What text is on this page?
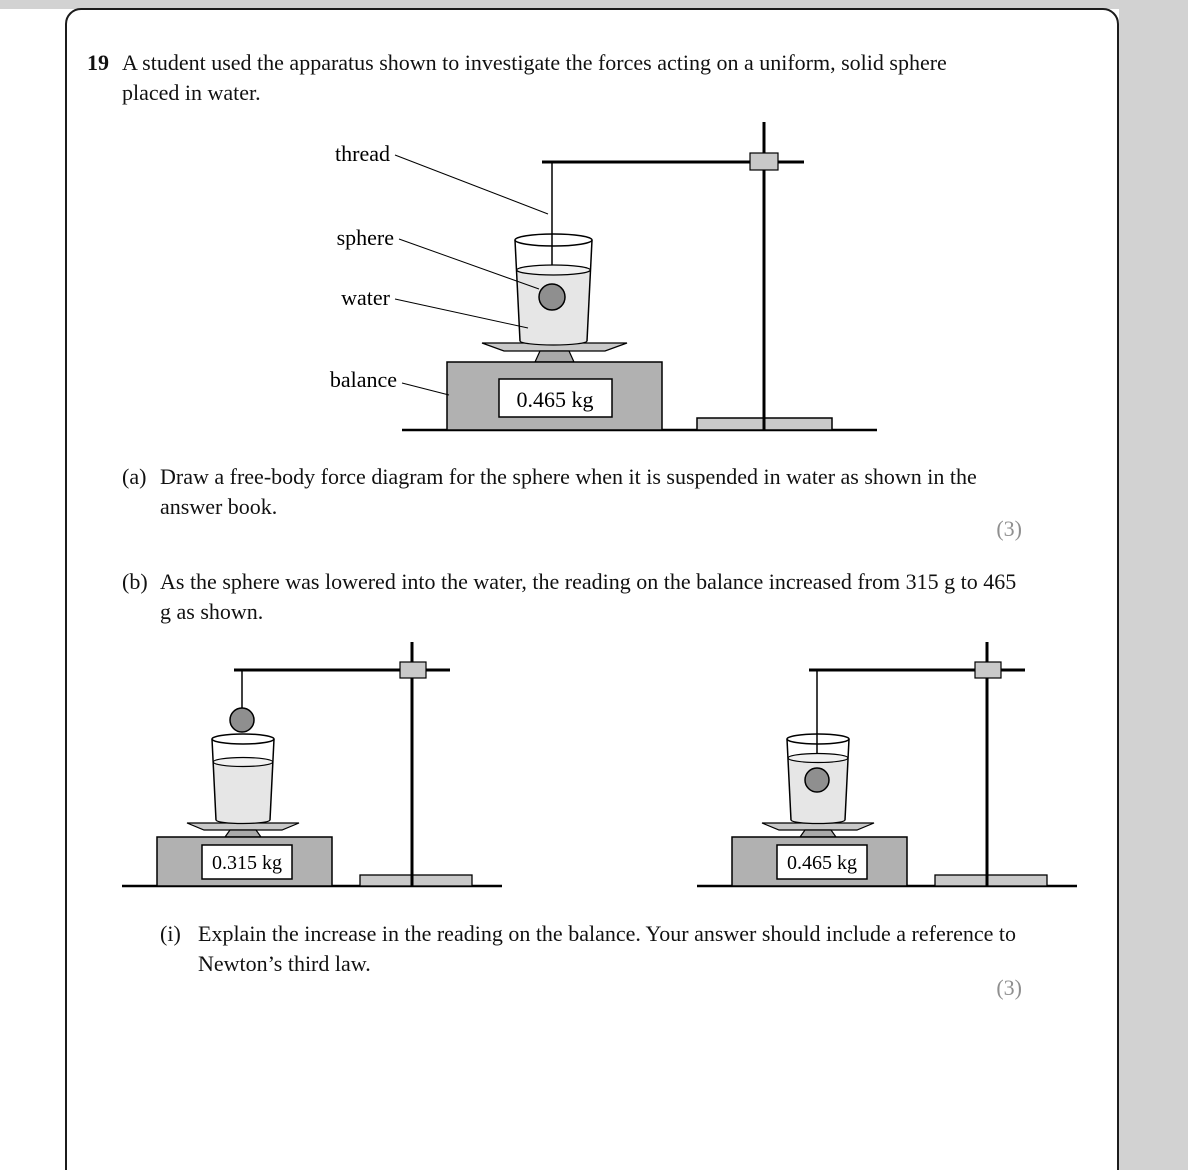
19 A student used the apparatus shown to investigate the forces acting on a uniform, solid sphere placed in water.
0.465 kg
thread
sphere
water
balance
(a) Draw a free-body force diagram for the sphere when it is suspended in water as shown in the answer book.
(3)
(b) As the sphere was lowered into the water, the reading on the balance increased from 315 g to 465 g as shown.
0.315 kg	0.465 kg
(i) Explain the increase in the reading on the balance. Your answer should include a reference to Newton’s third law.
(3)
